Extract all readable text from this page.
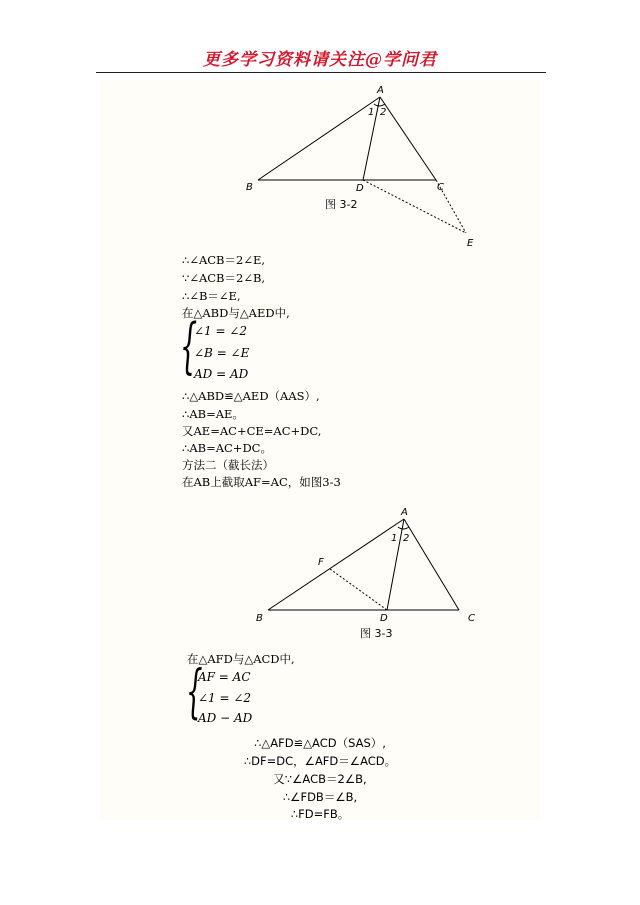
更多学习资料请关注@学问君
A
1 2
B	D	C
E
图 3-2
∴∠ACB＝2∠E,
∵∠ACB＝2∠B,
∴∠B＝∠E,
在△ABD与△AED中,
{
∠1 = ∠2
∠B = ∠E
AD = AD
∴△ABD≌△AED（AAS）,
∴AB=AE。
又AE=AC+CE=AC+DC,
∴AB=AC+DC。
方法二（截长法）
在AB上截取AF=AC，如图3-3
A
1 2
F
B	D	C
图 3-3
在△AFD与△ACD中,
{
AF = AC
∠1 = ∠2
AD − AD
∴△AFD≌△ACD（SAS）,
∴DF=DC，∠AFD＝∠ACD。
又∵∠ACB＝2∠B,
∴∠FDB＝∠B,
∴FD=FB。
